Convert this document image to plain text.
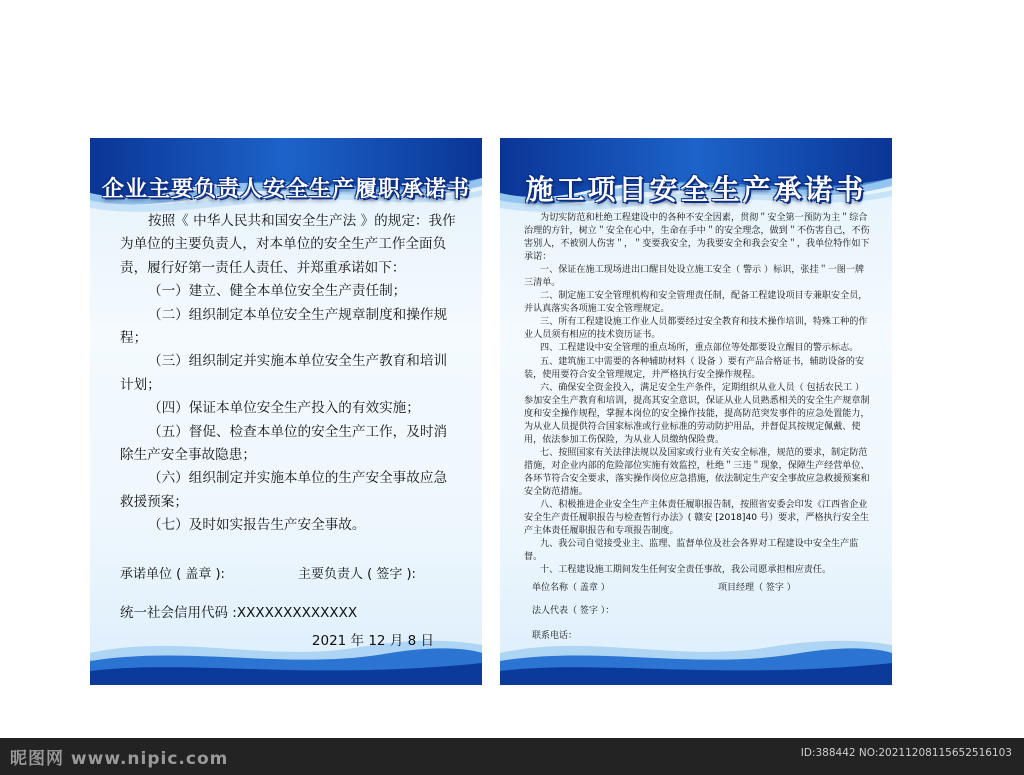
企业主要负责人安全生产履职承诺书

按照《 中华人民共和国安全生产法 》的规定：我作为单位的主要负责人，对本单位的安全生产工作全面负责，履行好第一责任人责任、并郑重承诺如下：

（一）建立、健全本单位安全生产责任制；

（二）组织制定本单位安全生产规章制度和操作规程；

（三）组织制定并实施本单位安全生产教育和培训计划；

（四）保证本单位安全生产投入的有效实施；

（五）督促、检查本单位的安全生产工作，及时消除生产安全事故隐患；

（六）组织制定并实施本单位的生产安全事故应急救援预案；

（七）及时如实报告生产安全事故。

承诺单位 ( 盖章 ):	主要负责人 ( 签字 ):
统一社会信用代码 :XXXXXXXXXXXXX
2021 年 12 月 8 日
施工项目安全生产承诺书

为切实防范和杜绝工程建设中的各种不安全因素，贯彻＂安全第一预防为主＂综合治理的方针，树立＂安全在心中，生命在手中＂的安全理念，做到＂不伤害自己，不伤害别人，不被别人伤害＂，＂变要我安全，为我要安全和我会安全＂，我单位特作如下承诺：

一、保证在施工现场进出口醒目处设立施工安全（ 警示 ）标识，张挂＂一图一牌三清单。

二、制定施工安全管理机构和安全管理责任制，配备工程建设项目专兼职安全员，并认真落实各项施工安全管理规定。

三、所有工程建设施工作业人员都要经过安全教育和技术操作培训，特殊工种的作业人员须有相应的技术资历证书。

四、工程建设中安全管理的重点场所，重点部位等处都要设立醒目的警示标志。

五、建筑施工中需要的各种辅助材料（ 设备 ）要有产品合格证书，辅助设备的安装，使用要符合安全管理规定，并严格执行安全操作规程。

六、确保安全资金投入，满足安全生产条件，定期组织从业人员（ 包括农民工 ）参加安全生产教育和培训，提高其安全意识，保证从业人员熟悉相关的安全生产规章制度和安全操作规程，掌握本岗位的安全操作技能，提高防范突发事件的应急处置能力，为从业人员提供符合国家标准或行业标准的劳动防护用品，并督促其按规定佩戴、使用，依法参加工伤保险，为从业人员缴纳保险费。

七、按照国家有关法律法规以及国家或行业有关安全标准，规范的要求，制定防范措施，对企业内部的危险部位实施有效监控，杜绝＂三违＂现象，保障生产经营单位、各环节符合安全要求，落实操作岗位应急措施，依法制定生产安全事故应急救援预案和安全防范措施。

八、积极推进企业安全生产主体责任履职报告制，按照省安委会印发《江西省企业安全生产责任履职报告与检查暂行办法》( 赣安 [2018]40 号）要求，严格执行安全生产主体责任履职报告和专项报告制度。

九、我公司自觉接受业主、监理、监督单位及社会各界对工程建设中安全生产监督。

十、工程建设施工期间发生任何安全责任事故，我公司愿承担相应责任。

单位名称（ 盖章 ）	项目经理（ 签字 ）
法人代表（ 签字 ）：
联系电话：
昵图网 www.nipic.com	ID:388442 NO:20211208115652516103
